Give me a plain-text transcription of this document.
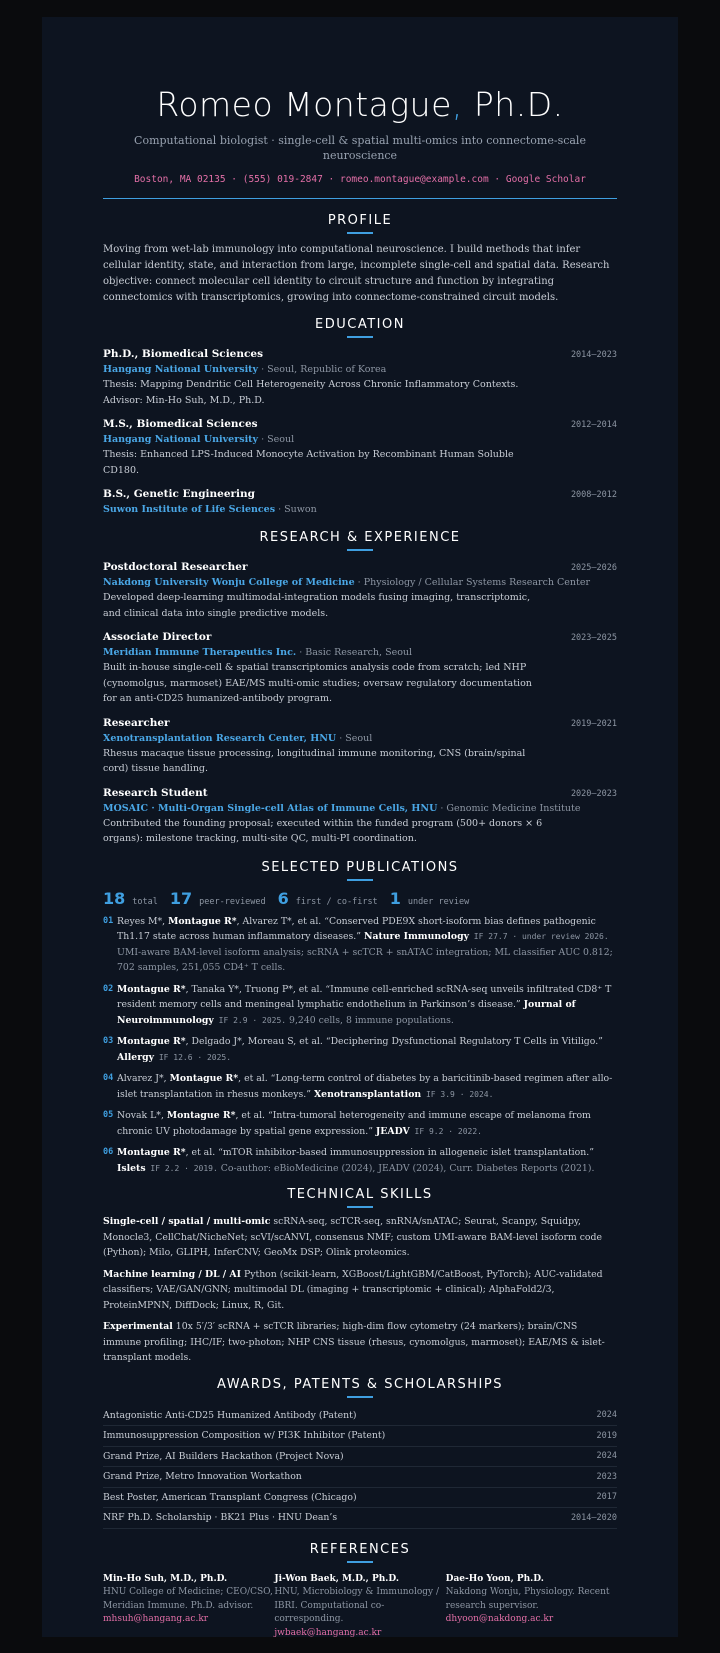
Romeo Montague, Ph.D.
Computational biologist · single-cell & spatial multi-omics into connectome-scale neuroscience
Boston, MA 02135 · (555) 019-2847 · romeo.montague@example.com · Google Scholar
PROFILE
Moving from wet-lab immunology into computational neuroscience. I build methods that infer cellular identity, state, and interaction from large, incomplete single-cell and spatial data. Research objective: connect molecular cell identity to circuit structure and function by integrating connectomics with transcriptomics, growing into connectome-constrained circuit models.
EDUCATION
Ph.D., Biomedical Sciences	2014–2023
Hangang National University · Seoul, Republic of Korea
Thesis: Mapping Dendritic Cell Heterogeneity Across Chronic Inflammatory Contexts. Advisor: Min-Ho Suh, M.D., Ph.D.
M.S., Biomedical Sciences	2012–2014
Hangang National University · Seoul
Thesis: Enhanced LPS-Induced Monocyte Activation by Recombinant Human Soluble CD180.
B.S., Genetic Engineering	2008–2012
Suwon Institute of Life Sciences · Suwon
RESEARCH & EXPERIENCE
Postdoctoral Researcher	2025–2026
Nakdong University Wonju College of Medicine · Physiology / Cellular Systems Research Center
Developed deep-learning multimodal-integration models fusing imaging, transcriptomic, and clinical data into single predictive models.
Associate Director	2023–2025
Meridian Immune Therapeutics Inc. · Basic Research, Seoul
Built in-house single-cell & spatial transcriptomics analysis code from scratch; led NHP (cynomolgus, marmoset) EAE/MS multi-omic studies; oversaw regulatory documentation for an anti-CD25 humanized-antibody program.
Researcher	2019–2021
Xenotransplantation Research Center, HNU · Seoul
Rhesus macaque tissue processing, longitudinal immune monitoring, CNS (brain/spinal cord) tissue handling.
Research Student	2020–2023
MOSAIC · Multi-Organ Single-cell Atlas of Immune Cells, HNU · Genomic Medicine Institute
Contributed the founding proposal; executed within the funded program (500+ donors × 6 organs): milestone tracking, multi-site QC, multi-PI coordination.
SELECTED PUBLICATIONS
18 total 17 peer-reviewed 6 first / co-first 1 under review
01 Reyes M*, Montague R*, Alvarez T*, et al. “Conserved PDE9X short-isoform bias defines pathogenic Th1.17 state across human inflammatory diseases.” Nature Immunology IF 27.7 · under review 2026. UMI-aware BAM-level isoform analysis; scRNA + scTCR + snATAC integration; ML classifier AUC 0.812; 702 samples, 251,055 CD4⁺ T cells.
02 Montague R*, Tanaka Y*, Truong P*, et al. “Immune cell-enriched scRNA-seq unveils infiltrated CD8⁺ T resident memory cells and meningeal lymphatic endothelium in Parkinson’s disease.” Journal of Neuroimmunology IF 2.9 · 2025. 9,240 cells, 8 immune populations.
03 Montague R*, Delgado J*, Moreau S, et al. “Deciphering Dysfunctional Regulatory T Cells in Vitiligo.” Allergy IF 12.6 · 2025.
04 Alvarez J*, Montague R*, et al. “Long-term control of diabetes by a baricitinib-based regimen after allo-islet transplantation in rhesus monkeys.” Xenotransplantation IF 3.9 · 2024.
05 Novak L*, Montague R*, et al. “Intra-tumoral heterogeneity and immune escape of melanoma from chronic UV photodamage by spatial gene expression.” JEADV IF 9.2 · 2022.
06 Montague R*, et al. “mTOR inhibitor-based immunosuppression in allogeneic islet transplantation.” Islets IF 2.2 · 2019. Co-author: eBioMedicine (2024), JEADV (2024), Curr. Diabetes Reports (2021).
TECHNICAL SKILLS
Single-cell / spatial / multi-omic scRNA-seq, scTCR-seq, snRNA/snATAC; Seurat, Scanpy, Squidpy, Monocle3, CellChat/NicheNet; scVI/scANVI, consensus NMF; custom UMI-aware BAM-level isoform code (Python); Milo, GLIPH, InferCNV; GeoMx DSP; Olink proteomics.
Machine learning / DL / AI Python (scikit-learn, XGBoost/LightGBM/CatBoost, PyTorch); AUC-validated classifiers; VAE/GAN/GNN; multimodal DL (imaging + transcriptomic + clinical); AlphaFold2/3, ProteinMPNN, DiffDock; Linux, R, Git.
Experimental 10x 5′/3′ scRNA + scTCR libraries; high-dim flow cytometry (24 markers); brain/CNS immune profiling; IHC/IF; two-photon; NHP CNS tissue (rhesus, cynomolgus, marmoset); EAE/MS & islet-transplant models.
AWARDS, PATENTS & SCHOLARSHIPS
Antagonistic Anti-CD25 Humanized Antibody (Patent)	2024
Immunosuppression Composition w/ PI3K Inhibitor (Patent)	2019
Grand Prize, AI Builders Hackathon (Project Nova)	2024
Grand Prize, Metro Innovation Workathon	2023
Best Poster, American Transplant Congress (Chicago)	2017
NRF Ph.D. Scholarship · BK21 Plus · HNU Dean’s	2014–2020
REFERENCES
Min-Ho Suh, M.D., Ph.D.
HNU College of Medicine; CEO/CSO, Meridian Immune. Ph.D. advisor.
mhsuh@hangang.ac.kr
Ji-Won Baek, M.D., Ph.D.
HNU, Microbiology & Immunology / IBRI. Computational co-corresponding.
jwbaek@hangang.ac.kr
Dae-Ho Yoon, Ph.D.
Nakdong Wonju, Physiology. Recent research supervisor.
dhyoon@nakdong.ac.kr
